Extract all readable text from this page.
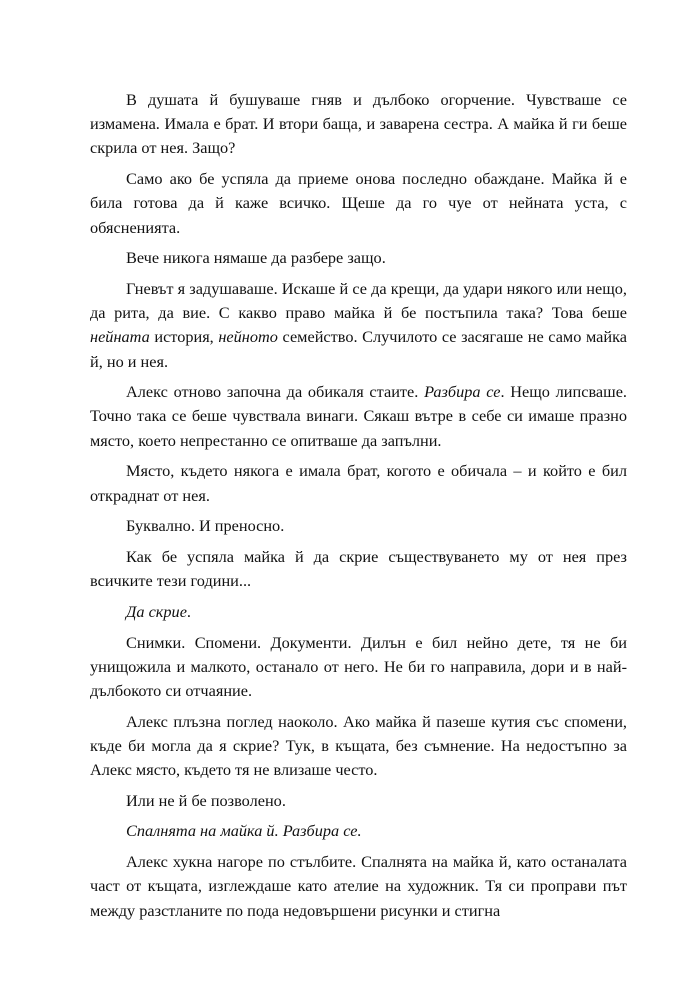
В душата й бушуваше гняв и дълбоко огорчение. Чувстваше се измамена. Имала е брат. И втори баща, и заварена сестра. А майка й ги беше скрила от нея. Защо?

Само ако бе успяла да приеме онова последно обаждане. Майка й е била готова да й каже всичко. Щеше да го чуе от нейната уста, с обясненията.

Вече никога нямаше да разбере защо.

Гневът я задушаваше. Искаше й се да крещи, да удари някого или нещо, да рита, да вие. С какво право майка й бе постъпила така? Това беше нейната история, нейното семейство. Случилото се засягаше не само майка й, но и нея.

Алекс отново започна да обикаля стаите. Разбира се. Нещо липсваше. Точно така се беше чувствала винаги. Сякаш вътре в себе си имаше празно място, което непрестанно се опитваше да запълни.

Място, където някога е имала брат, когото е обичала – и който е бил откраднат от нея.

Буквално. И преносно.

Как бе успяла майка й да скрие съществуването му от нея през всичките тези години...

Да скрие.

Снимки. Спомени. Документи. Дилън е бил нейно дете, тя не би унищожила и малкото, останало от него. Не би го направила, дори и в най-дълбокото си отчаяние.

Алекс плъзна поглед наоколо. Ако майка й пазеше кутия със спомени, къде би могла да я скрие? Тук, в къщата, без съмнение. На недостъпно за Алекс място, където тя не влизаше често.

Или не й бе позволено.

Спалнята на майка й. Разбира се.

Алекс хукна нагоре по стълбите. Спалнята на майка й, като останалата част от къщата, изглеждаше като ателие на художник. Тя си проправи път между разстланите по пода недовършени рисунки и стигна
